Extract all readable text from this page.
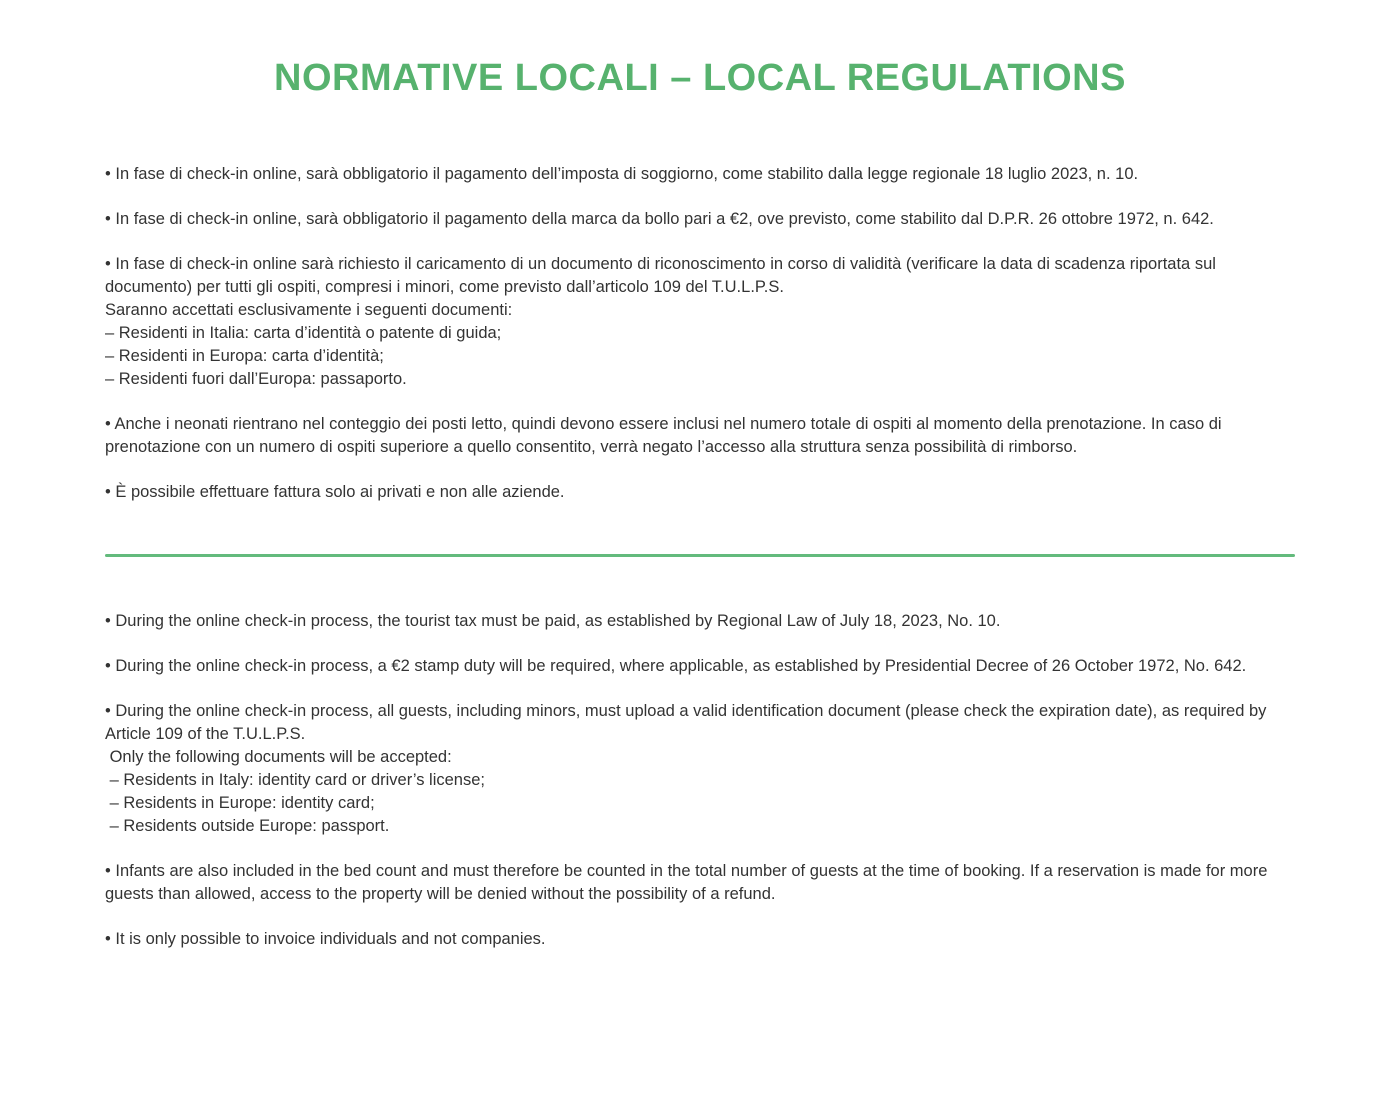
NORMATIVE LOCALI – LOCAL REGULATIONS
• In fase di check-in online, sarà obbligatorio il pagamento dell’imposta di soggiorno, come stabilito dalla legge regionale 18 luglio 2023, n. 10.
• In fase di check-in online, sarà obbligatorio il pagamento della marca da bollo pari a €2, ove previsto, come stabilito dal D.P.R. 26 ottobre 1972, n. 642.
• In fase di check-in online sarà richiesto il caricamento di un documento di riconoscimento in corso di validità (verificare la data di scadenza riportata sul documento) per tutti gli ospiti, compresi i minori, come previsto dall’articolo 109 del T.U.L.P.S.
Saranno accettati esclusivamente i seguenti documenti:
– Residenti in Italia: carta d’identità o patente di guida;
– Residenti in Europa: carta d’identità;
– Residenti fuori dall’Europa: passaporto.
• Anche i neonati rientrano nel conteggio dei posti letto, quindi devono essere inclusi nel numero totale di ospiti al momento della prenotazione. In caso di prenotazione con un numero di ospiti superiore a quello consentito, verrà negato l’accesso alla struttura senza possibilità di rimborso.
• È possibile effettuare fattura solo ai privati e non alle aziende.
• During the online check-in process, the tourist tax must be paid, as established by Regional Law of July 18, 2023, No. 10.
• During the online check-in process, a €2 stamp duty will be required, where applicable, as established by Presidential Decree of 26 October 1972, No. 642.
• During the online check-in process, all guests, including minors, must upload a valid identification document (please check the expiration date), as required by Article 109 of the T.U.L.P.S.
Only the following documents will be accepted:
– Residents in Italy: identity card or driver’s license;
– Residents in Europe: identity card;
– Residents outside Europe: passport.
• Infants are also included in the bed count and must therefore be counted in the total number of guests at the time of booking. If a reservation is made for more guests than allowed, access to the property will be denied without the possibility of a refund.
• It is only possible to invoice individuals and not companies.
